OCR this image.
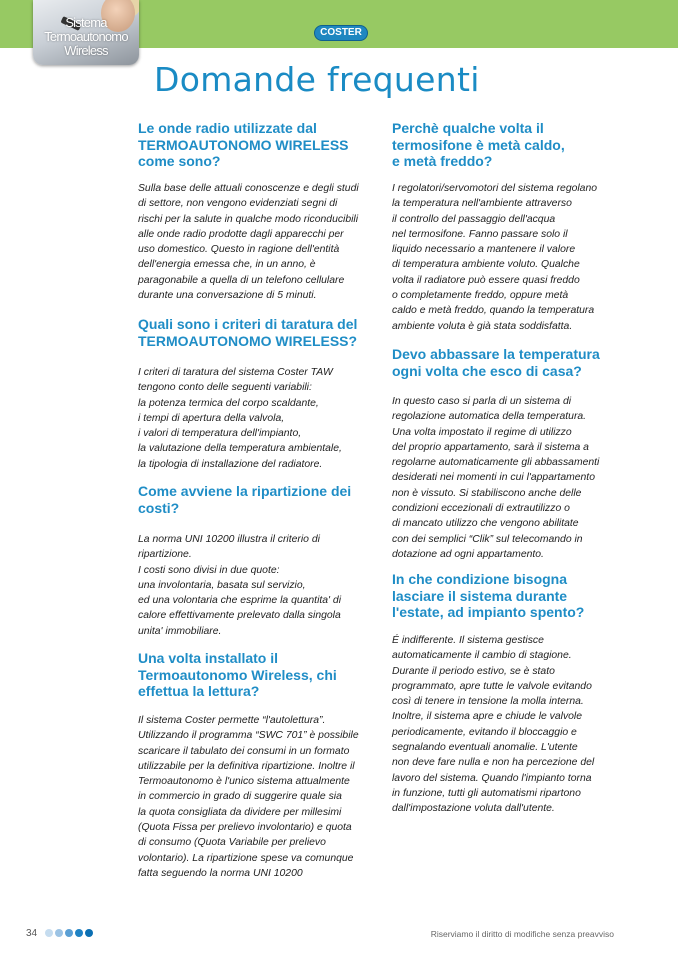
Sistema
Termoautonomo
Wireless
COSTER
Domande frequenti
Le onde radio utilizzate dal
TERMOAUTONOMO WIRELESS
come sono?

Sulla base delle attuali conoscenze e degli studi
di settore, non vengono evidenziati segni di
rischi per la salute in qualche modo riconducibili
alle onde radio prodotte dagli apparecchi per
uso domestico. Questo in ragione dell'entità
dell'energia emessa che, in un anno, è
paragonabile a quella di un telefono cellulare
durante una conversazione di 5 minuti.

Quali sono i criteri di taratura del
TERMOAUTONOMO WIRELESS?

I criteri di taratura del sistema Coster TAW
tengono conto delle seguenti variabili:
la potenza termica del corpo scaldante,
i tempi di apertura della valvola,
i valori di temperatura dell'impianto,
la valutazione della temperatura ambientale,
la tipologia di installazione del radiatore.

Come avviene la ripartizione dei
costi?

La norma UNI 10200 illustra il criterio di
ripartizione.
I costi sono divisi in due quote:
una involontaria, basata sul servizio,
ed una volontaria che esprime la quantita' di
calore effettivamente prelevato dalla singola
unita' immobiliare.

Una volta installato il
Termoautonomo Wireless, chi
effettua la lettura?

Il sistema Coster permette “l'autolettura”.
Utilizzando il programma “SWC 701” è possibile
scaricare il tabulato dei consumi in un formato
utilizzabile per la definitiva ripartizione. Inoltre il
Termoautonomo è l'unico sistema attualmente
in commercio in grado di suggerire quale sia
la quota consigliata da dividere per millesimi
(Quota Fissa per prelievo involontario) e quota
di consumo (Quota Variabile per prelievo
volontario). La ripartizione spese va comunque
fatta seguendo la norma UNI 10200

Perchè qualche volta il
termosifone è metà caldo,
e metà freddo?

I regolatori/servomotori del sistema regolano
la temperatura nell'ambiente attraverso
il controllo del passaggio dell'acqua
nel termosifone. Fanno passare solo il
liquido necessario a mantenere il valore
di temperatura ambiente voluto. Qualche
volta il radiatore può essere quasi freddo
o completamente freddo, oppure metà
caldo e metà freddo, quando la temperatura
ambiente voluta è già stata soddisfatta.

Devo abbassare la temperatura
ogni volta che esco di casa?

In questo caso si parla di un sistema di
regolazione automatica della temperatura.
Una volta impostato il regime di utilizzo
del proprio appartamento, sarà il sistema a
regolarne automaticamente gli abbassamenti
desiderati nei momenti in cui l'appartamento
non è vissuto. Si stabiliscono anche delle
condizioni eccezionali di extrautilizzo o
di mancato utilizzo che vengono abilitate
con dei semplici “Clik” sul telecomando in
dotazione ad ogni appartamento.

In che condizione bisogna
lasciare il sistema durante
l'estate, ad impianto spento?

É indifferente. Il sistema gestisce
automaticamente il cambio di stagione.
Durante il periodo estivo, se è stato
programmato, apre tutte le valvole evitando
così di tenere in tensione la molla interna.
Inoltre, il sistema apre e chiude le valvole
periodicamente, evitando il bloccaggio e
segnalando eventuali anomalie. L'utente
non deve fare nulla e non ha percezione del
lavoro del sistema. Quando l'impianto torna
in funzione, tutti gli automatismi ripartono
dall'impostazione voluta dall'utente.

34	Riserviamo il diritto di modifiche senza preavviso
